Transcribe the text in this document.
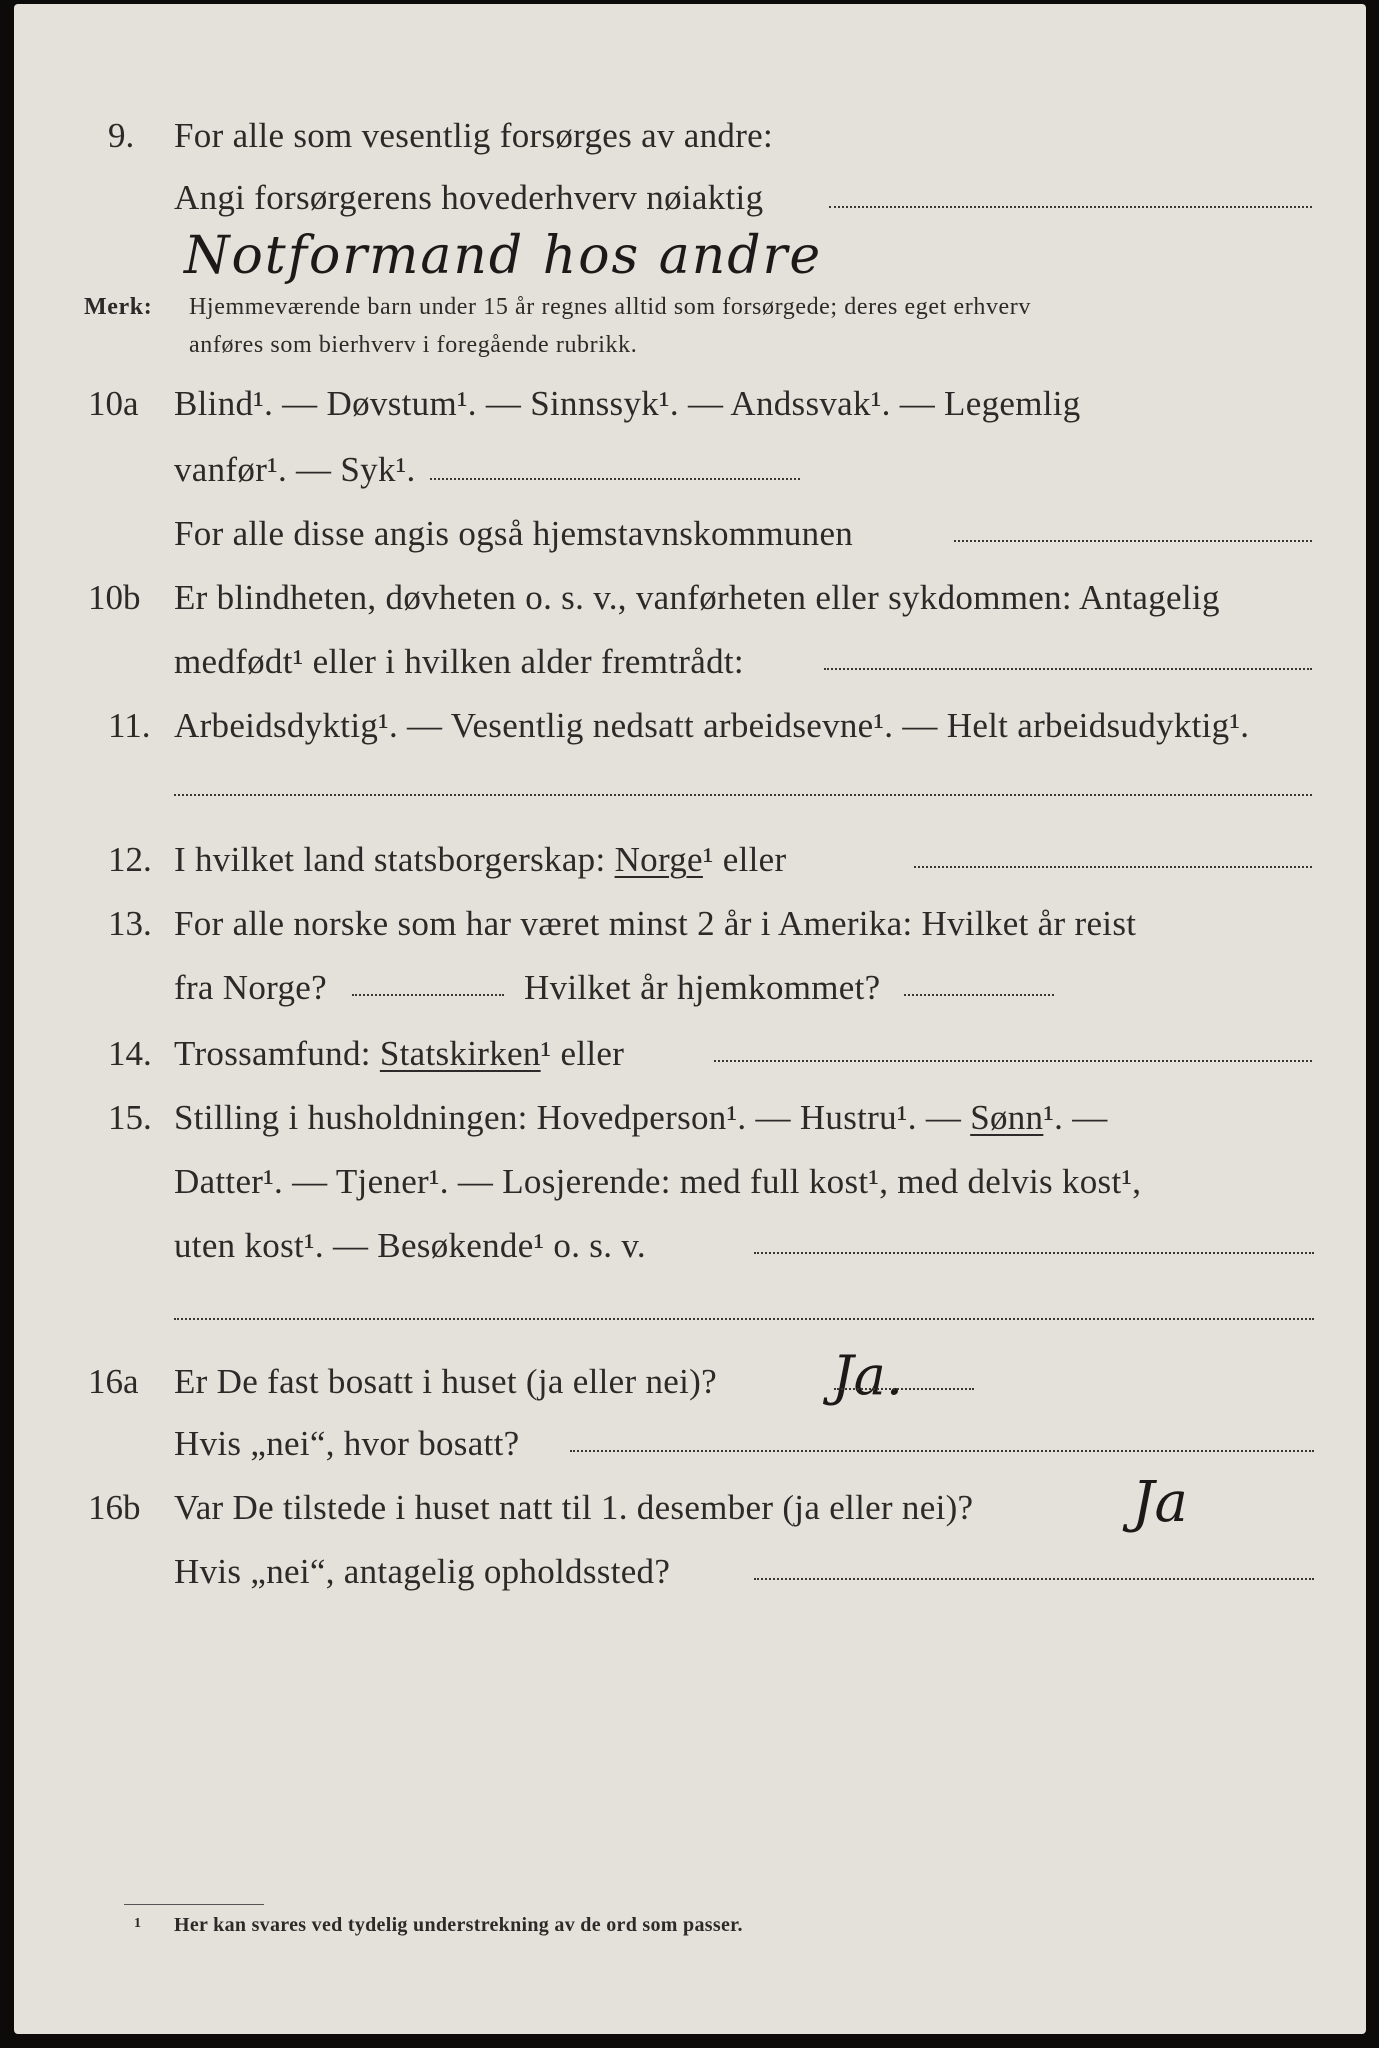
9. For alle som vesentlig forsørges av andre:
Angi forsørgerens hovederhverv nøiaktig
Notformand hos andre
Merk: Hjemmeværende barn under 15 år regnes alltid som forsørgede; deres eget erhverv
anføres som bierhverv i foregående rubrikk.
10a Blind¹. — Døvstum¹. — Sinnssyk¹. — Andssvak¹. — Legemlig
vanfør¹. — Syk¹.
For alle disse angis også hjemstavnskommunen
10b Er blindheten, døvheten o. s. v., vanførheten eller sykdommen: Antagelig
medfødt¹ eller i hvilken alder fremtrådt:
11. Arbeidsdyktig¹. — Vesentlig nedsatt arbeidsevne¹. — Helt arbeidsudyktig¹.
12. I hvilket land statsborgerskap: Norge¹ eller
13. For alle norske som har været minst 2 år i Amerika: Hvilket år reist
fra Norge?	Hvilket år hjemkommet?
14. Trossamfund: Statskirken¹ eller
15. Stilling i husholdningen: Hovedperson¹. — Hustru¹. — Sønn¹. —
Datter¹. — Tjener¹. — Losjerende: med full kost¹, med delvis kost¹,
uten kost¹. — Besøkende¹ o. s. v.
16a Er De fast bosatt i huset (ja eller nei)? Ja.
Hvis „nei“, hvor bosatt?
16b Var De tilstede i huset natt til 1. desember (ja eller nei)?	Ja
Hvis „nei“, antagelig opholdssted?
1 Her kan svares ved tydelig understrekning av de ord som passer.
